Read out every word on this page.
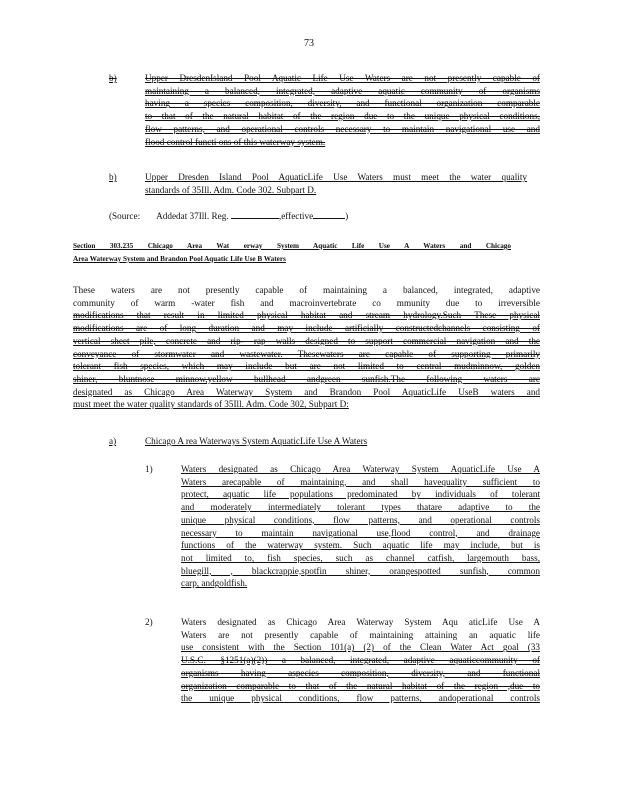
73
b)	Upper DresdenIsland Pool Aquatic Life Use Waters are not presently capable of
maintaining a balanced, integrated, adaptive aquatic community of organisms
having a species composition, diversity, and functional organization comparable
to that of the natural habitat of the region due to the unique physical conditions,
flow patterns, and operational controls necessary to maintain navigational use and
flood control functi ons of this waterway system.
b)	Upper Dresden Island Pool AquaticLife Use Waters must meet the water quality
standards of 35Ill. Adm. Code 302. Subpart D.
(Source: Addedat 37Ill. Reg.	,effective	)
Section 303.235 Chicago Area Wat erway System Aquatic Life Use A Waters and Chicago
Area Waterway System and Brandon Pool Aquatic Life Use B Waters
These waters are not presently capable of maintaining a balanced, integrated, adaptive
community of warm -water fish and macroinvertebrate co mmunity due to irreversible
modifications that result in limited physical habitat and stream hydrology.Such These physical
modifications are of long duration and may include artificially constructedchannels consisting of
vertical sheet pile, concrete and rip- rap walls designed to support commercial navigation and the
conveyance of stormwater and wastewater. Thesewaters are capable of supporting primarily
tolerant fish species, which may include but are not limited to central mudminnow, golden
shiner, bluntnose minnow,yellow bullhead andgreen sunfish.The following waters are
designated as Chicago Area Waterway System and Brandon Pool AquaticLife UseB waters and
must meet the water quality standards of 35Ill. Adm. Code 302, Subpart D:
a)	Chicago A rea Waterways System AquaticLife Use A Waters
1)	Waters designated as Chicago Area Waterway System AquaticLife Use A
Waters arecapable of maintaining, and shall havequality sufficient to
protect, aquatic life populations predominated by individuals of tolerant
and moderately intermediately tolerant types thatare adaptive to the
unique physical conditions, flow patterns, and operational controls
necessary to maintain navigational use,flood control, and drainage
functions of the waterway system. Such aquatic life may include, but is
not limited to, fish species, such as channel catfish, largemouth bass,
bluegill, , blackcrappie,spotfin shiner, orangespotted sunfish, common
carp, andgoldfish.
2)	Waters designated as Chicago Area Waterway System Aqu aticLife Use A
Waters are not presently capable of maintaining attaining an aquatic life
use consistent with the Section 101(a) (2) of the Clean Water Act goal (33
U.S.C. §1251(a)(2)) a balanced, integrated, adaptive aquaticcommunity of
organisms having aspecies composition, diversity, and functional
organization comparable to that of the natural habitat of the region ,due to
the unique physical conditions, flow patterns, andoperational controls
